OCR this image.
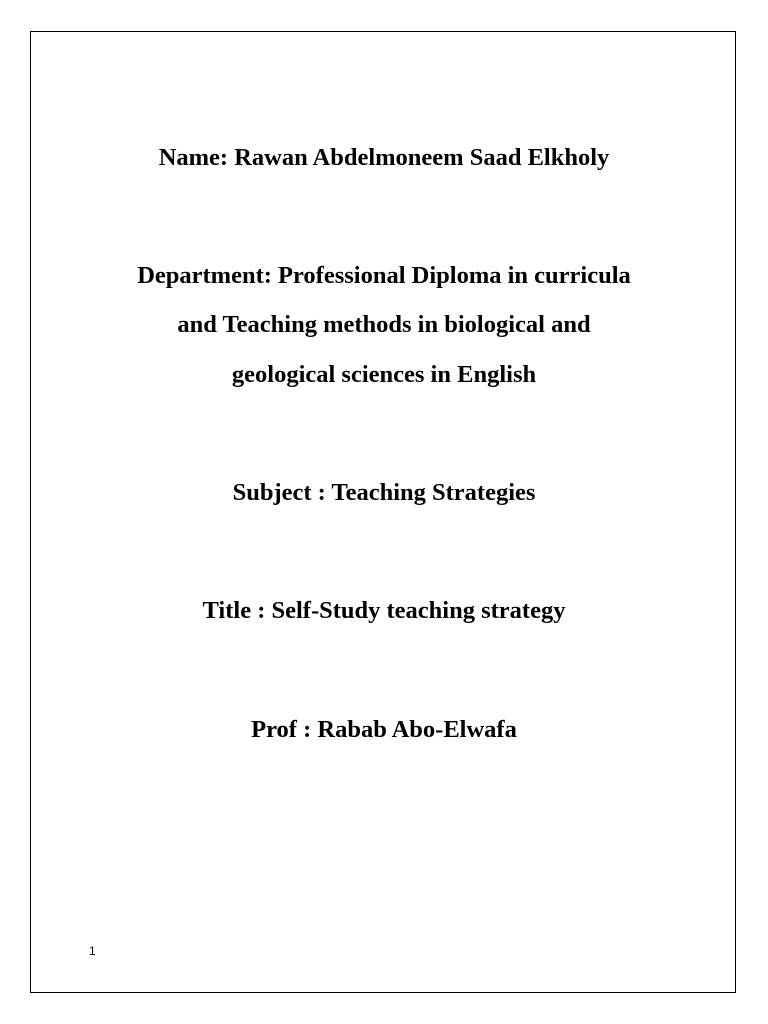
Name: Rawan Abdelmoneem Saad Elkholy
Department: Professional Diploma in curricula
and Teaching methods in biological and
geological sciences in English
Subject : Teaching Strategies
Title : Self-Study teaching strategy
Prof : Rabab Abo-Elwafa
1
